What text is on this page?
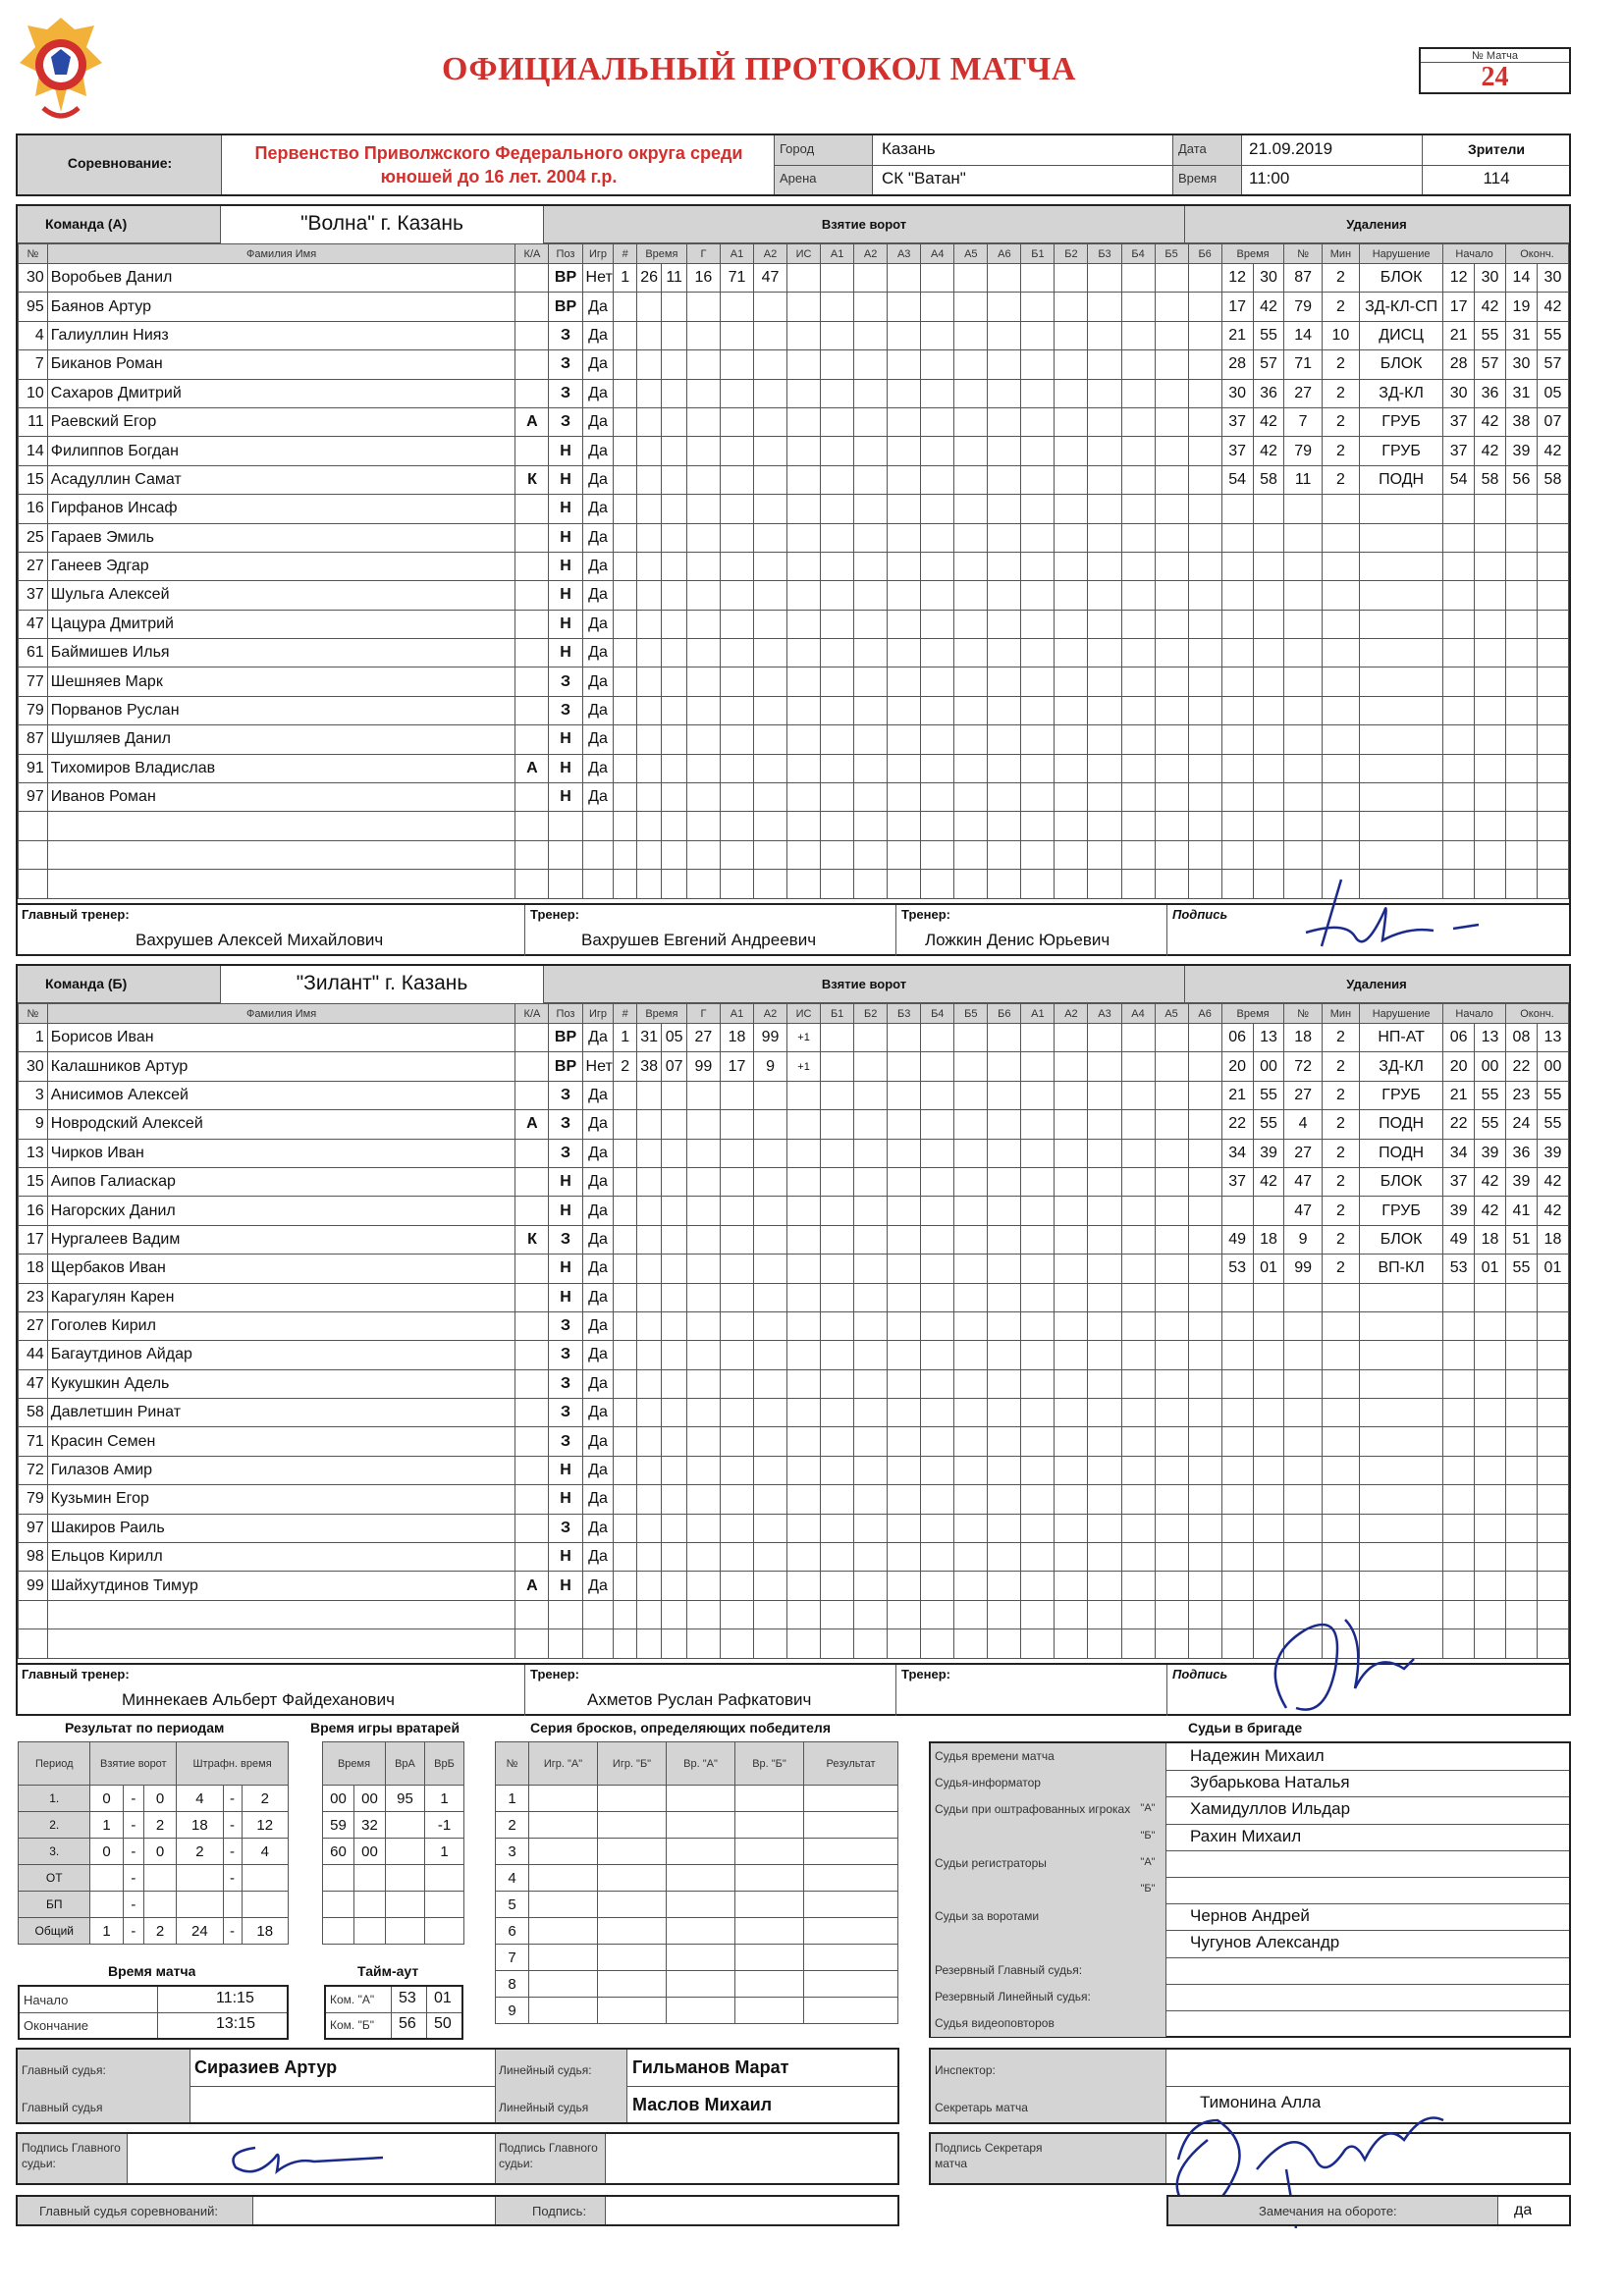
ОФИЦИАЛЬНЫЙ ПРОТОКОЛ МАТЧА	№ Матча
24
Соревнование:	Первенство Приволжского Федерального округа среди юношей до 16 лет. 2004 г.р.
Город
Арена
Казань
СК "Ватан"
Дата
Время
21.09.2019
11:00
Зрители
114
Команда (А)	"Волна" г. Казань	Взятие ворот	Удаления
№	Фамилия Имя	К/А	Поз	Игр	#	Время		Г	А1	А2	ИС	А1	А2	А3	А4	А5	А6	Б1	Б2	Б3	Б4	Б5	Б6	Время		№	Мин	Нарушение	Начало		Оконч.	
30	Воробьев Данил		ВР	Нет	1	26	11	16	71	47														12	30	87	2	БЛОК	12	30	14	30
95	Баянов Артур		ВР	Да																				17	42	79	2	ЗД-КЛ-СП	17	42	19	42
4	Галиуллин Нияз		З	Да																				21	55	14	10	ДИСЦ	21	55	31	55
7	Биканов Роман		З	Да																				28	57	71	2	БЛОК	28	57	30	57
10	Сахаров Дмитрий		З	Да																				30	36	27	2	ЗД-КЛ	30	36	31	05
11	Раевский Егор	А	З	Да																				37	42	7	2	ГРУБ	37	42	38	07
14	Филиппов Богдан		Н	Да																				37	42	79	2	ГРУБ	37	42	39	42
15	Асадуллин Самат	К	Н	Да																				54	58	11	2	ПОДН	54	58	56	58
16	Гирфанов Инсаф		Н	Да																												
25	Гараев Эмиль		Н	Да																												
27	Ганеев Эдгар		Н	Да																												
37	Шульга Алексей		Н	Да																												
47	Цацура Дмитрий		Н	Да																												
61	Баймишев Илья		Н	Да																												
77	Шешняев Марк		З	Да																												
79	Порванов Руслан		З	Да																												
87	Шушляев Данил		Н	Да																												
91	Тихомиров Владислав	А	Н	Да																												
97	Иванов Роман		Н	Да																												

Главный тренер:
Вахрушев Алексей Михайлович
Тренер:
Вахрушев Евгений Андреевич
Тренер:
Ложкин Денис Юрьевич
Подпись
Команда (Б)	"Зилант" г. Казань	Взятие ворот	Удаления
№	Фамилия Имя	К/А	Поз	Игр	#	Время		Г	А1	А2	ИС	Б1	Б2	Б3	Б4	Б5	Б6	А1	А2	А3	А4	А5	А6	Время		№	Мин	Нарушение	Начало		Оконч.	
1	Борисов Иван		ВР	Да	1	31	05	27	18	99	+1													06	13	18	2	НП-АТ	06	13	08	13
30	Калашников Артур		ВР	Нет	2	38	07	99	17	9	+1													20	00	72	2	ЗД-КЛ	20	00	22	00
3	Анисимов Алексей		З	Да																				21	55	27	2	ГРУБ	21	55	23	55
9	Новродский Алексей	А	З	Да																				22	55	4	2	ПОДН	22	55	24	55
13	Чирков Иван		З	Да																				34	39	27	2	ПОДН	34	39	36	39
15	Аипов Галиаскар		Н	Да																				37	42	47	2	БЛОК	37	42	39	42
16	Нагорских Данил		Н	Да																						47	2	ГРУБ	39	42	41	42
17	Нургалеев Вадим	К	З	Да																				49	18	9	2	БЛОК	49	18	51	18
18	Щербаков Иван		Н	Да																				53	01	99	2	ВП-КЛ	53	01	55	01
23	Карагулян Карен		Н	Да																												
27	Гоголев Кирил		З	Да																												
44	Багаутдинов Айдар		З	Да																												
47	Кукушкин Адель		З	Да																												
58	Давлетшин Ринат		З	Да																												
71	Красин Семен		З	Да																												
72	Гилазов Амир		Н	Да																												
79	Кузьмин Егор		Н	Да																												
97	Шакиров Раиль		З	Да																												
98	Ельцов Кирилл		Н	Да																												
99	Шайхутдинов Тимур	А	Н	Да																												

Главный тренер:
Миннекаев Альберт Файдеханович
Тренер:
Ахметов Руслан Рафкатович
Тренер:	Подпись
Результат по периодам
Период	Взятие ворот			Штрафн. время		
1.	0	-	0	4	-	2
2.	1	-	2	18	-	12
3.	0	-	0	2	-	4
ОТ		-			-	
БП		-				
Общий	1	-	2	24	-	18
Время игры вратарей
Время		ВрА	ВрБ
00	00	95	1
59	32		-1
60	00		1

Серия бросков, определяющих победителя
№	Игр. "А"	Игр. "Б"	Вр. "А"	Вр. "Б"	Результат
1					
2					
3					
4					
5					
6					
7					
8					
9					
Время матча
Начало	11:15
Окончание	13:15
Тайм-аут
Ком. "А" 53 01
Ком. "Б" 56 50
Судьи в бригаде
Судья времени матча	Надежин Михаил
Судья-информатор	Зубарькова Наталья
Судьи при оштрафованных игроках "А"	Хамидуллов Ильдар
"Б"	Рахин Михаил
Судьи регистраторы	"А"
"Б"
Судьи за воротами	Чернов Андрей
Чугунов Александр
Резервный Главный судья:
Резервный Линейный судья:
Судья видеоповторов
Главный судья:
Главный судья
Сиразиев Артур	Линейный судья:
Линейный судья
Гильманов Марат
Маслов Михаил
Инспектор:
Секретарь матча	Тимонина Алла
Подпись Главного судьи:
Подпись Главного судьи:
Подпись Секретаря матча
Главный судья соревнований:	Подпись:	Замечания на обороте:	да
